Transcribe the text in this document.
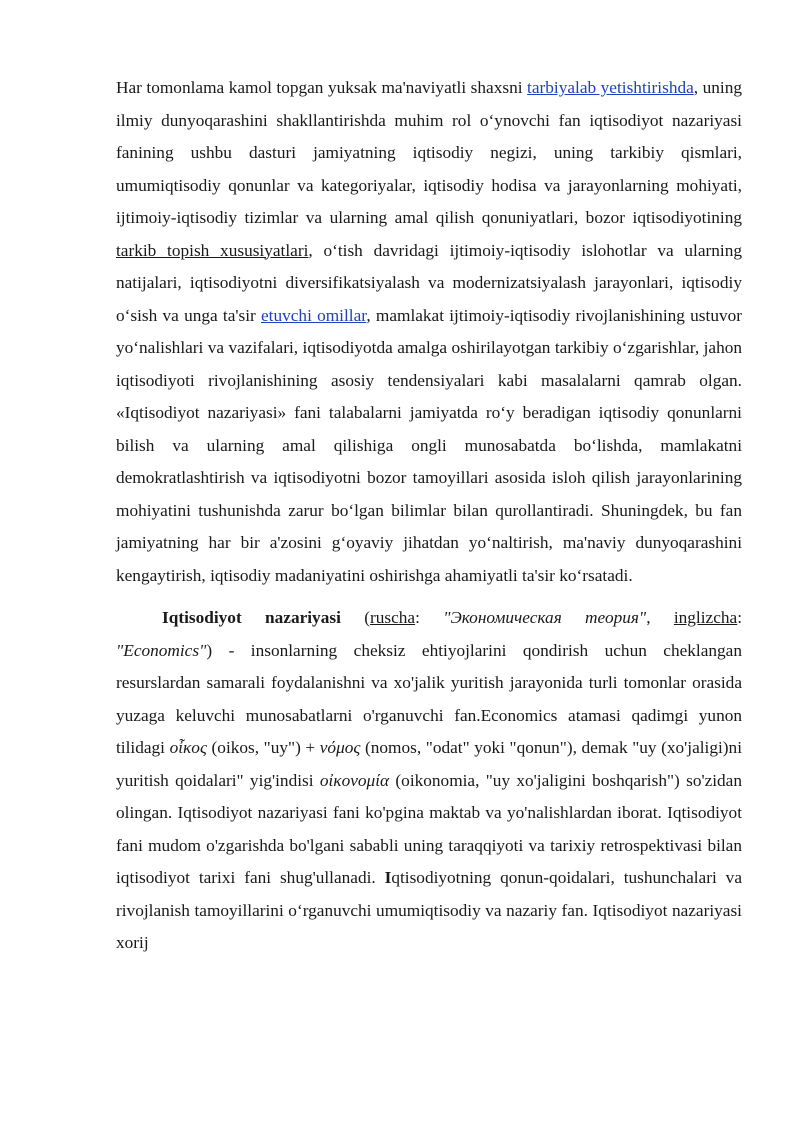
Har tomonlama kamol topgan yuksak ma'naviyatli shaxsni tarbiyalab yetishtirishda, uning ilmiy dunyoqarashini shakllantirishda muhim rol oʻynovchi fan iqtisodiyot nazariyasi fanining ushbu dasturi jamiyatning iqtisodiy negizi, uning tarkibiy qismlari, umumiqtisodiy qonunlar va kategoriyalar, iqtisodiy hodisa va jarayonlarning mohiyati, ijtimoiy-iqtisodiy tizimlar va ularning amal qilish qonuniyatlari, bozor iqtisodiyotining tarkib topish xususiyatlari, oʻtish davridagi ijtimoiy-iqtisodiy islohotlar va ularning natijalari, iqtisodiyotni diversifikatsiyalash va modernizatsiyalash jarayonlari, iqtisodiy oʻsish va unga ta'sir etuvchi omillar, mamlakat ijtimoiy-iqtisodiy rivojlanishining ustuvor yoʻnalishlari va vazifalari, iqtisodiyotda amalga oshirilayotgan tarkibiy oʻzgarishlar, jahon iqtisodiyoti rivojlanishining asosiy tendensiyalari kabi masalalarni qamrab olgan. «Iqtisodiyot nazariyasi» fani talabalarni jamiyatda roʻy beradigan iqtisodiy qonunlarni bilish va ularning amal qilishiga ongli munosabatda boʻlishda, mamlakatni demokratlashtirish va iqtisodiyotni bozor tamoyillari asosida isloh qilish jarayonlarining mohiyatini tushunishda zarur boʻlgan bilimlar bilan qurollantiradi. Shuningdek, bu fan jamiyatning har bir a'zosini gʻoyaviy jihatdan yoʻnaltirish, ma'naviy dunyoqarashini kengaytirish, iqtisodiy madaniyatini oshirishga ahamiyatli ta'sir koʻrsatadi.

Iqtisodiyot nazariyasi (ruscha: "Экономическая теория", inglizcha: "Economics") - insonlarning cheksiz ehtiyojlarini qondirish uchun cheklangan resurslardan samarali foydalanishni va xo'jalik yuritish jarayonida turli tomonlar orasida yuzaga keluvchi munosabatlarni o'rganuvchi fan.Economics atamasi qadimgi yunon tilidagi οἶκος (oikos, "uy") + νόμος (nomos, "odat" yoki "qonun"), demak "uy (xo'jaligi)ni yuritish qoidalari" yig'indisi οἰκονομία (oikonomia, "uy xo'jaligini boshqarish") so'zidan olingan. Iqtisodiyot nazariyasi fani ko'pgina maktab va yo'nalishlardan iborat. Iqtisodiyot fani mudom o'zgarishda bo'lgani sababli uning taraqqiyoti va tarixiy retrospektivasi bilan iqtisodiyot tarixi fani shug'ullanadi. Iqtisodiyotning qonun-qoidalari, tushunchalari va rivojlanish tamoyillarini oʻrganuvchi umumiqtisodiy va nazariy fan. Iqtisodiyot nazariyasi xorij
